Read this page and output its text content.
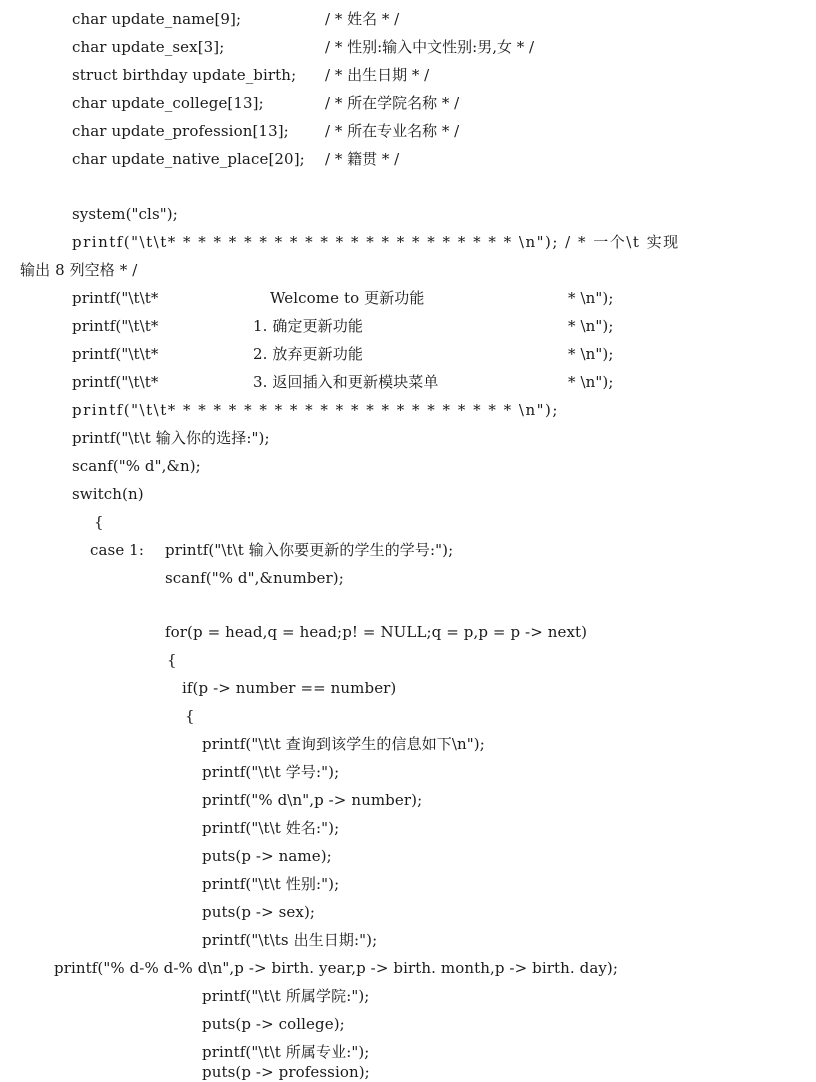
char update_name[9];	/ * 姓名 * /
char update_sex[3];	/ * 性别:输入中文性别:男,女 * /
struct birthday update_birth; / * 出生日期 * /
char update_college[13];	/ * 所在学院名称 * /
char update_profession[13]; / * 所在专业名称 * /
char update_native_place[20]; / * 籍贯 * /
system("cls");
printf("\t\t* * * * * * * * * * * * * * * * * * * * * * * \n"); / * 一个\t 实现
输出 8 列空格 * /
printf("\t\t*	Welcome to 更新功能	* \n");
printf("\t\t*	1. 确定更新功能	* \n");
printf("\t\t*	2. 放弃更新功能	* \n");
printf("\t\t*	3. 返回插入和更新模块菜单	* \n");
printf("\t\t* * * * * * * * * * * * * * * * * * * * * * * \n");
printf("\t\t 输入你的选择:");
scanf("% d",&n);
switch(n)
{
case 1: printf("\t\t 输入你要更新的学生的学号:");
scanf("% d",&number);
for(p = head,q = head;p! = NULL;q = p,p = p -> next)
{
if(p -> number == number)
{
printf("\t\t 查询到该学生的信息如下\n");
printf("\t\t 学号:");
printf("% d\n",p -> number);
printf("\t\t 姓名:");
puts(p -> name);
printf("\t\t 性别:");
puts(p -> sex);
printf("\t\ts 出生日期:");
printf("% d-% d-% d\n",p -> birth. year,p -> birth. month,p -> birth. day);
printf("\t\t 所属学院:");
puts(p -> college);
printf("\t\t 所属专业:");
puts(p -> profession);
